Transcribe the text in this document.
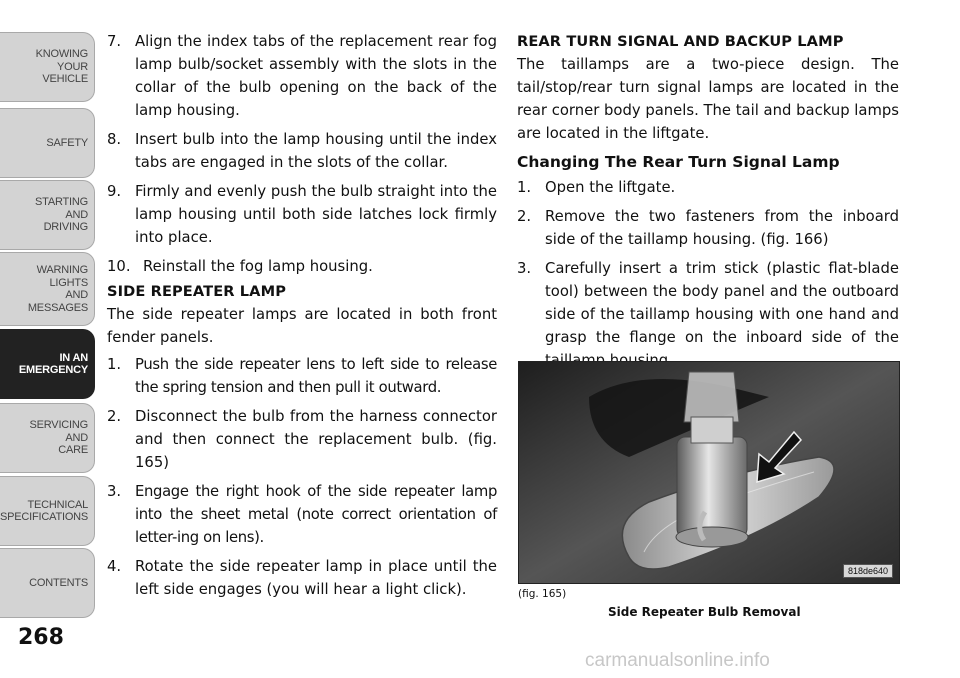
KNOWING
YOUR
VEHICLE
SAFETY
STARTING
AND
DRIVING
WARNING
LIGHTS
AND
MESSAGES
IN AN
EMERGENCY
SERVICING
AND
CARE
TECHNICAL
SPECIFICATIONS
CONTENTS
268
7. Align the index tabs of the replacement rear fog lamp bulb/socket assembly with the slots in the collar of the bulb opening on the back of the lamp housing.
8. Insert bulb into the lamp housing until the index tabs are engaged in the slots of the collar.
9. Firmly and evenly push the bulb straight into the lamp housing until both side latches lock firmly into place.
10. Reinstall the fog lamp housing.

SIDE REPEATER LAMP

The side repeater lamps are located in both front fender panels.

1. Push the side repeater lens to left side to release the spring tension and then pull it outward.
2. Disconnect the bulb from the harness connector and then connect the replacement bulb. (fig. 165)
3. Engage the right hook of the side repeater lamp into the sheet metal (note correct orientation of letter-ing on lens).
4. Rotate the side repeater lamp in place until the left side engages (you will hear a light click).

REAR TURN SIGNAL AND BACKUP LAMP

The taillamps are a two-piece design. The tail/stop/rear turn signal lamps are located in the rear corner body panels. The tail and backup lamps are located in the liftgate.

Changing The Rear Turn Signal Lamp

1. Open the liftgate.
2. Remove the two fasteners from the inboard side of the taillamp housing. (fig. 166)
3. Carefully insert a trim stick (plastic flat-blade tool) between the body panel and the outboard side of the taillamp housing with one hand and grasp the flange on the inboard side of the
818de640
(fig. 165)
Side Repeater Bulb Removal
carmanualsonline.info
